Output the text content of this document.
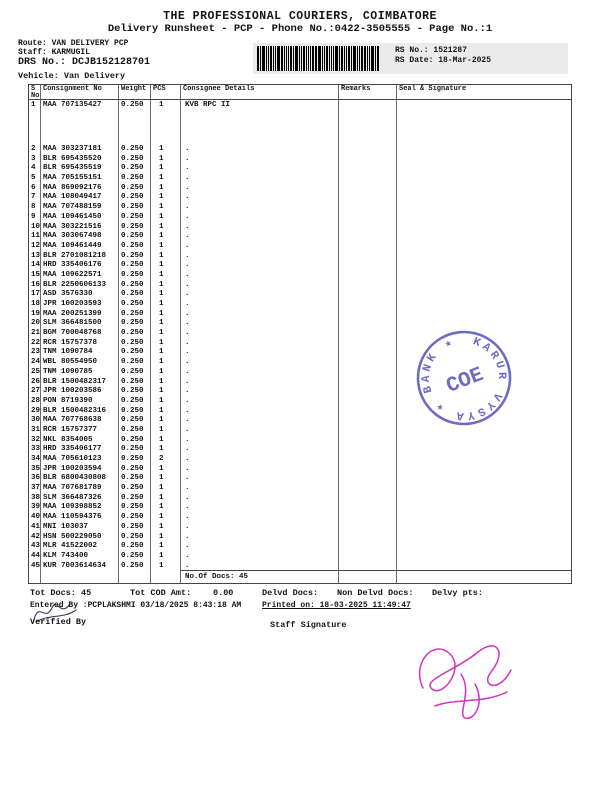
THE PROFESSIONAL COURIERS, COIMBATORE
Delivery Runsheet - PCP - Phone No.:0422-3505555 - Page No.:1
Route: VAN DELIVERY PCP
Staff: KARMUGIL
DRS No.: DCJB152128701
Vehicle: Van Delivery
RS No.: 1521287
RS Date: 18-Mar-2025
S No
Consignment No	Weight PCS	Consignee Details	Remarks	Seal & Signature
1 MAA 707135427	0.250	1	KVB RPC II
2 MAA 303237181	0.250	1	.
3 BLR 695435520	0.250	1	.
4 BLR 695435519	0.250	1	.
5 MAA 705155151	0.250	1	.
6 MAA 869092176	0.250	1	.
7 MAA 108049417	0.250	1	.
8 MAA 707488159	0.250	1	.
9 MAA 109461450	0.250	1	.
10 MAA 303221516	0.250	1	.
11 MAA 303067498	0.250	1	.
12 MAA 109461449	0.250	1	.
13 BLR 2701081218	0.250	1	.
14 HRD 335406176	0.250	1	.
15 MAA 109622571	0.250	1	.
16 BLR 2250606133	0.250	1	.
17 ASD 3576330	0.250	1	.
18 JPR 100203593	0.250	1	.
19 MAA 200251399	0.250	1	.
20 SLM 366481500	0.250	1	.
21 BGM 700048768	0.250	1	.
22 RCR 15757378	0.250	1	.
23 TNM 1090784	0.250	1	.
24 WBL 80554950	0.250	1	.
25 TNM 1090785	0.250	1	.
26 BLR 1500482317	0.250	1	.
27 JPR 100203586	0.250	1	.
28 PON 8719390	0.250	1	.
29 BLR 1500482316	0.250	1	.
30 MAA 707768638	0.250	1	.
31 RCR 15757377	0.250	1	.
32 NKL 8354005	0.250	1	.
33 HRD 335406177	0.250	1	.
34 MAA 705610123	0.250	2	.
35 JPR 100203594	0.250	1	.
36 BLR 6800430808	0.250	1	.
37 MAA 707681789	0.250	1	.
38 SLM 366487326	0.250	1	.
39 MAA 109398852	0.250	1	.
40 MAA 110594376	0.250	1	.
41 MNI 103037	0.250	1	.
42 HSN 500229050	0.250	1	.
43 MLR 41522002	0.250	1	.
44 KLM 743400	0.250	1	.
45 KUR 7003614634	0.250	1	.
No.Of Docs: 45
KARUR VYSYA ★ BANK ★
COE
Tot Docs: 45	Tot COD Amt:	0.00	Delvd Docs: Non Delvd Docs: Delvy pts:
Entered By :PCPLAKSHMI 03/18/2025 8:43:18 AM	Printed on: 18-03-2025 11:49:47
Verified By	Staff Signature
